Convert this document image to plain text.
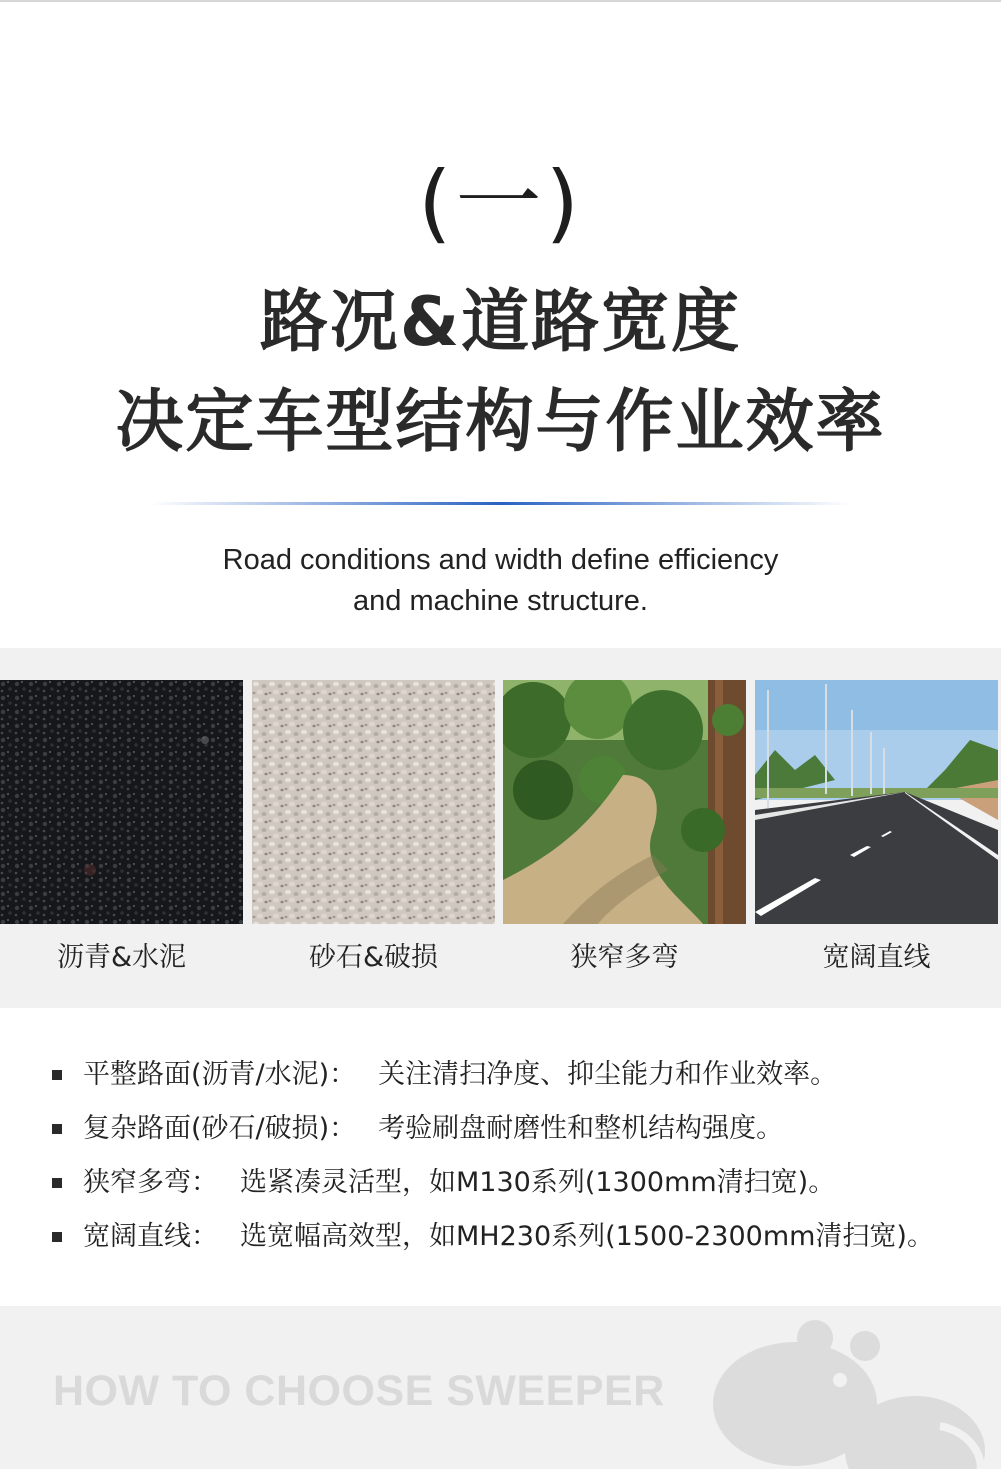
(一)
路况&道路宽度
决定车型结构与作业效率
Road conditions and width define efficiency
and machine structure.
沥青&水泥	砂石&破损	狭窄多弯	宽阔直线
平整路面(沥青/水泥)： 关注清扫净度、抑尘能力和作业效率。
复杂路面(砂石/破损)： 考验刷盘耐磨性和整机结构强度。
狭窄多弯： 选紧凑灵活型，如M130系列(1300mm清扫宽)。
宽阔直线： 选宽幅高效型，如MH230系列(1500-2300mm清扫宽)。
HOW TO CHOOSE SWEEPER
